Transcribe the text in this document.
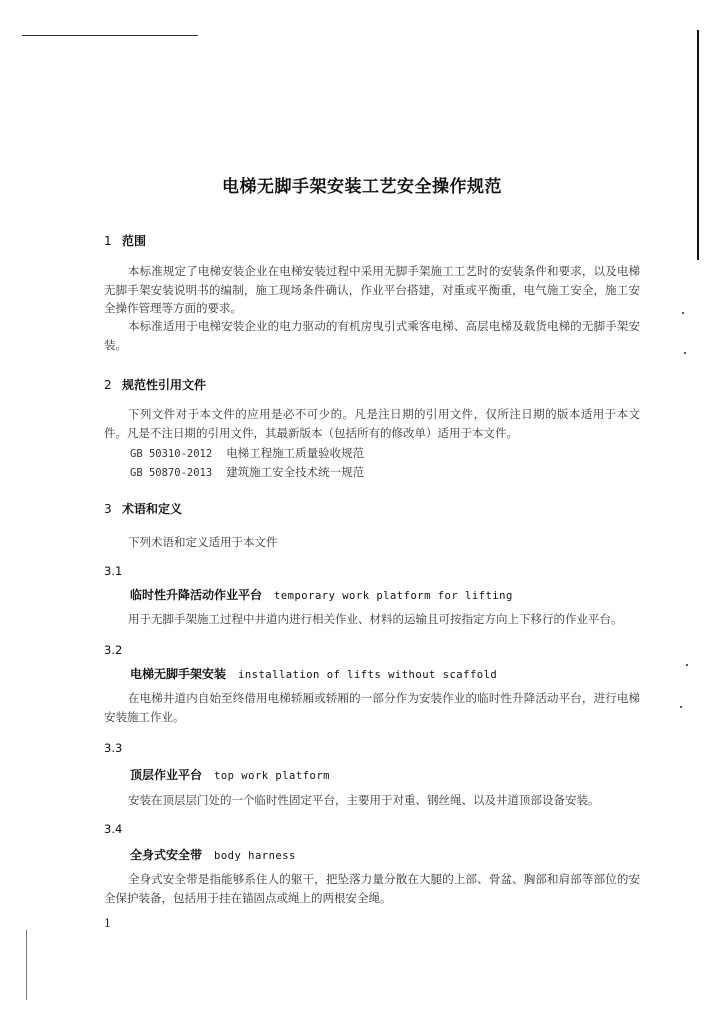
电梯无脚手架安装工艺安全操作规范
1 范围

本标准规定了电梯安装企业在电梯安装过程中采用无脚手架施工工艺时的安装条件和要求，以及电梯无脚手架安装说明书的编制，施工现场条件确认，作业平台搭建，对重或平衡重，电气施工安全，施工安全操作管理等方面的要求。

本标准适用于电梯安装企业的电力驱动的有机房曳引式乘客电梯、高层电梯及载货电梯的无脚手架安装。

2 规范性引用文件

下列文件对于本文件的应用是必不可少的。凡是注日期的引用文件，仅所注日期的版本适用于本文件。凡是不注日期的引用文件，其最新版本（包括所有的修改单）适用于本文件。

GB 50310-2012 电梯工程施工质量验收规范
GB 50870-2013 建筑施工安全技术统一规范
3 术语和定义

下列术语和定义适用于本文件

3.1
临时性升降活动作业平台 temporary work platform for lifting

用于无脚手架施工过程中井道内进行相关作业、材料的运输且可按指定方向上下移行的作业平台。

3.2
电梯无脚手架安装 installation of lifts without scaffold

在电梯井道内自始至终借用电梯轿厢或轿厢的一部分作为安装作业的临时性升降活动平台，进行电梯安装施工作业。

3.3
顶层作业平台 top work platform

安装在顶层层门处的一个临时性固定平台，主要用于对重、钢丝绳、以及井道顶部设备安装。

3.4
全身式安全带 body harness

全身式安全带是指能够系住人的躯干，把坠落力量分散在大腿的上部、骨盆、胸部和肩部等部位的安全保护装备，包括用于挂在锚固点或绳上的两根安全绳。

1
